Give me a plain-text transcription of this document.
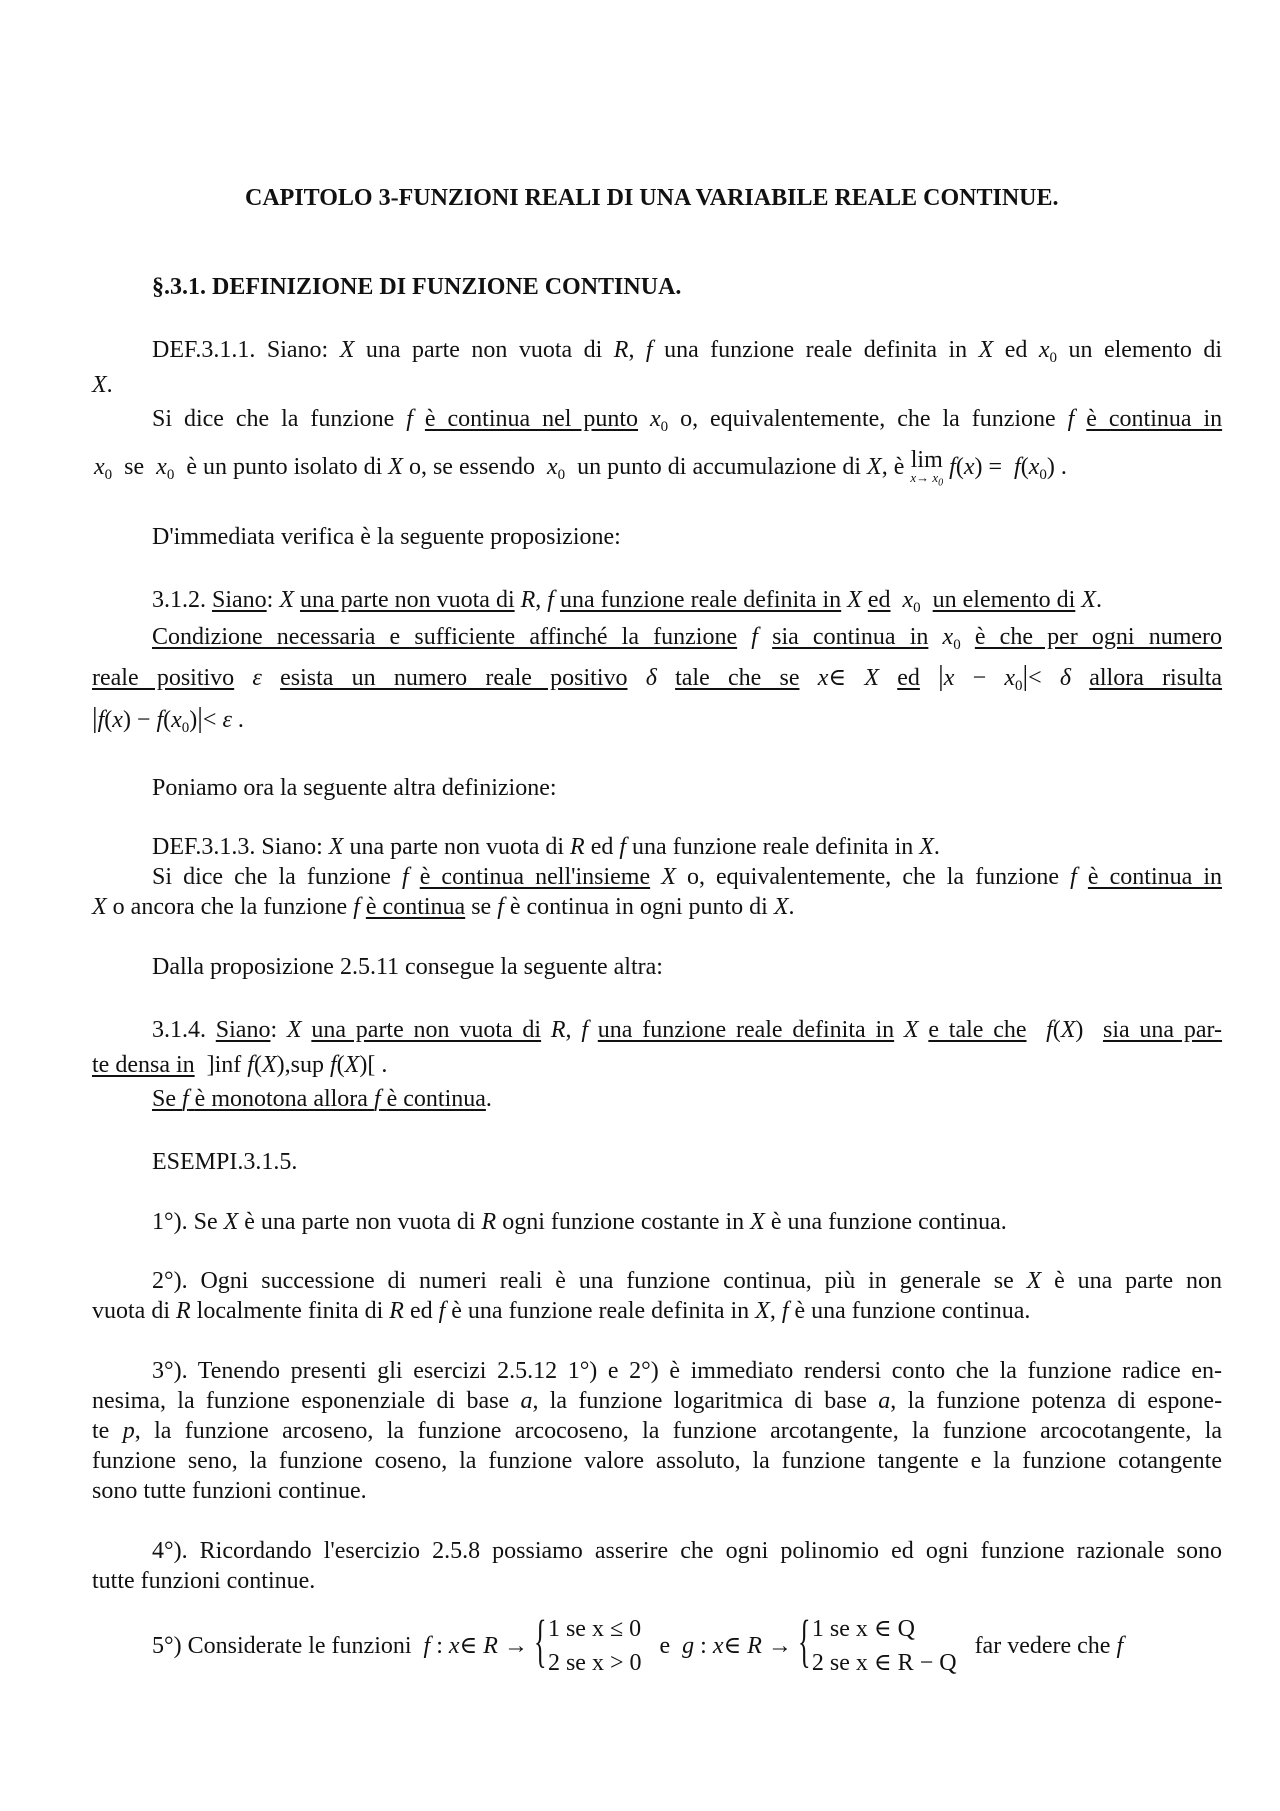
CAPITOLO 3-FUNZIONI REALI DI UNA VARIABILE REALE CONTINUE.
§.3.1. DEFINIZIONE DI FUNZIONE CONTINUA.
DEF.3.1.1. Siano: X una parte non vuota di R, f una funzione reale definita in X ed $x_0$ un elemento di
X.
Si dice che la funzione f è continua nel punto $x_0$ o, equivalentemente, che la funzione f è continua in
$x_0$ se $x_0$ è un punto isolato di X o, se essendo $x_0$ un punto di accumulazione di X, è lim
$x\to x_0$
$f(x) = f(x_0)$ .
D'immediata verifica è la seguente proposizione:
3.1.2. Siano: X una parte non vuota di R, f una funzione reale definita in X ed $x_0$ un elemento di X.
Condizione necessaria e sufficiente affinché la funzione f sia continua in $x_0$ è che per ogni numero
reale positivo ε esista un numero reale positivo δ tale che se x∈ X ed $|x - x_0|< \delta$ allora risulta
$|f(x) - f(x_0)|< \varepsilon$ .
Poniamo ora la seguente altra definizione:
DEF.3.1.3. Siano: X una parte non vuota di R ed f una funzione reale definita in X.
Si dice che la funzione f è continua nell'insieme X o, equivalentemente, che la funzione f è continua in
X o ancora che la funzione f è continua se f è continua in ogni punto di X.
Dalla proposizione 2.5.11 consegue la seguente altra:
3.1.4. Siano: X una parte non vuota di R, f una funzione reale definita in X e tale che f(X)  sia una par-
te densa in  ]inf f(X),sup f(X)[ .
Se f è monotona allora f è continua.
ESEMPI.3.1.5.
1°). Se X è una parte non vuota di R ogni funzione costante in X è una funzione continua.
2°). Ogni successione di numeri reali è una funzione continua, più in generale se X è una parte non
vuota di R localmente finita di R ed f è una funzione reale definita in X, f è una funzione continua.
3°). Tenendo presenti gli esercizi 2.5.12 1°) e 2°) è immediato rendersi conto che la funzione radice en-
nesima, la funzione esponenziale di base a, la funzione logaritmica di base a, la funzione potenza di espone-
te p, la funzione arcoseno, la funzione arcocoseno, la funzione arcotangente, la funzione arcocotangente, la
funzione seno, la funzione coseno, la funzione valore assoluto, la funzione tangente e la funzione cotangente
sono tutte funzioni continue.
4°). Ricordando l'esercizio 2.5.8 possiamo asserire che ogni polinomio ed ogni funzione razionale sono
tutte funzioni continue.
5°) Considerate le funzioni f : x∈ R → { 1 se x ≤ 0
2 se x > 0
e g : x∈ R → { 1 se x ∈ Q
2 se x ∈ R − Q
far vedere che f
